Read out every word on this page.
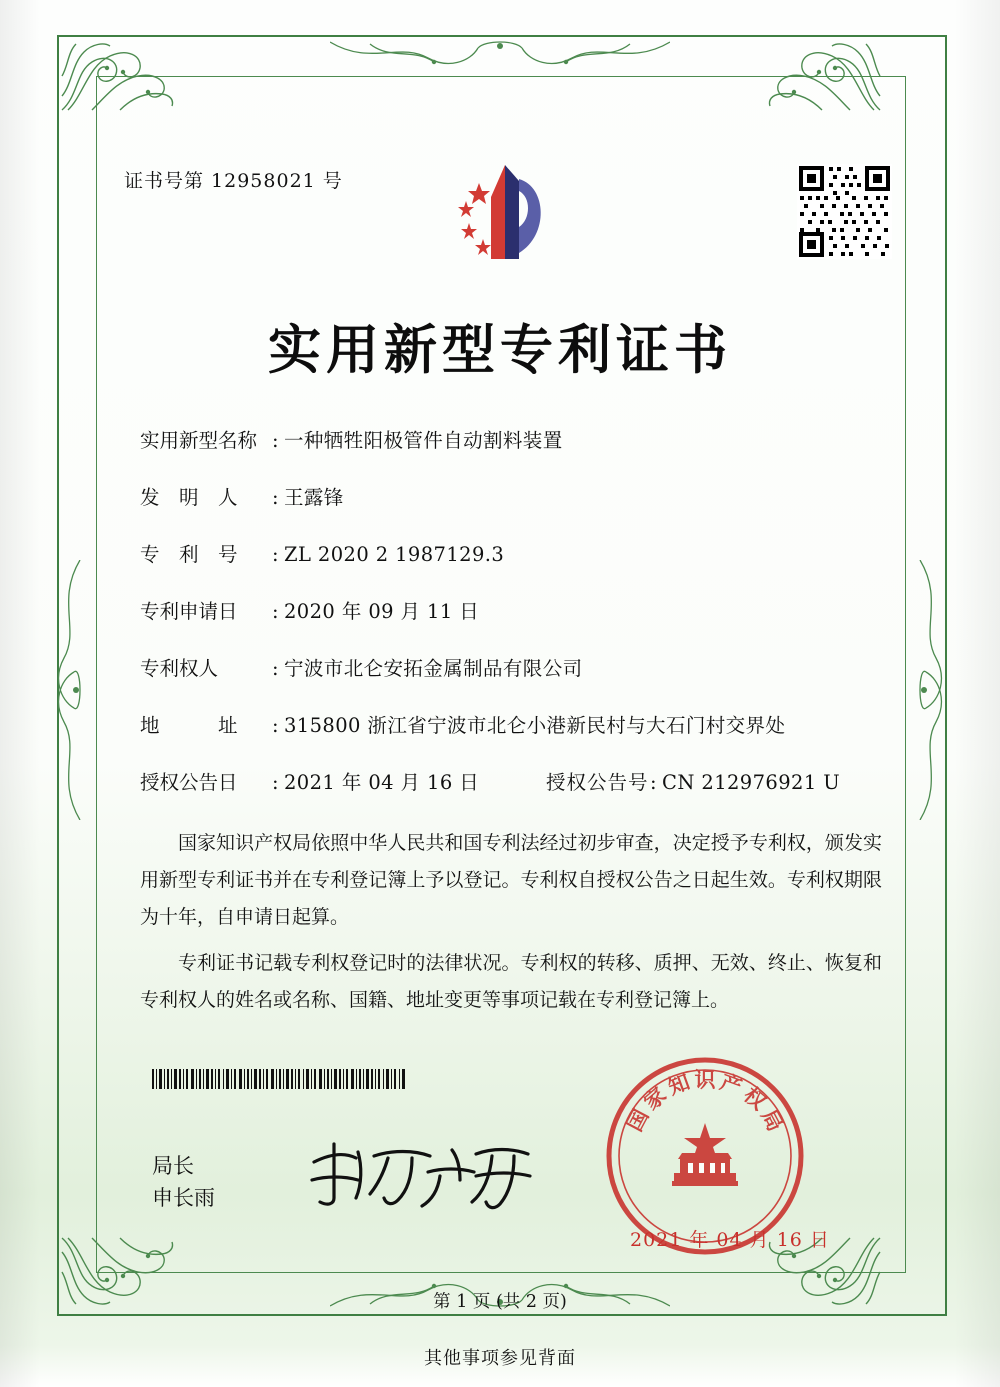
证书号第 12958021 号
实用新型专利证书
实用新型名称 : 一种牺牲阳极管件自动割料装置
发　明　人	: 王露锋
专　利　号	: ZL 2020 2 1987129.3
专利申请日	: 2020 年 09 月 11 日
专利权人	: 宁波市北仑安拓金属制品有限公司
地　　　址	: 315800 浙江省宁波市北仑小港新民村与大石门村交界处
授权公告日	: 2021 年 04 月 16 日	授权公告号 : CN 212976921 U
国家知识产权局依照中华人民共和国专利法经过初步审查，决定授予专利权，颁发实用新型专利证书并在专利登记簿上予以登记。专利权自授权公告之日起生效。专利权期限为十年，自申请日起算。
专利证书记载专利权登记时的法律状况。专利权的转移、质押、无效、终止、恢复和专利权人的姓名或名称、国籍、地址变更等事项记载在专利登记簿上。
局长
申长雨
国
家
知 识 产
权
局
2021 年 04 月 16 日
第 1 页 (共 2 页)
其他事项参见背面
